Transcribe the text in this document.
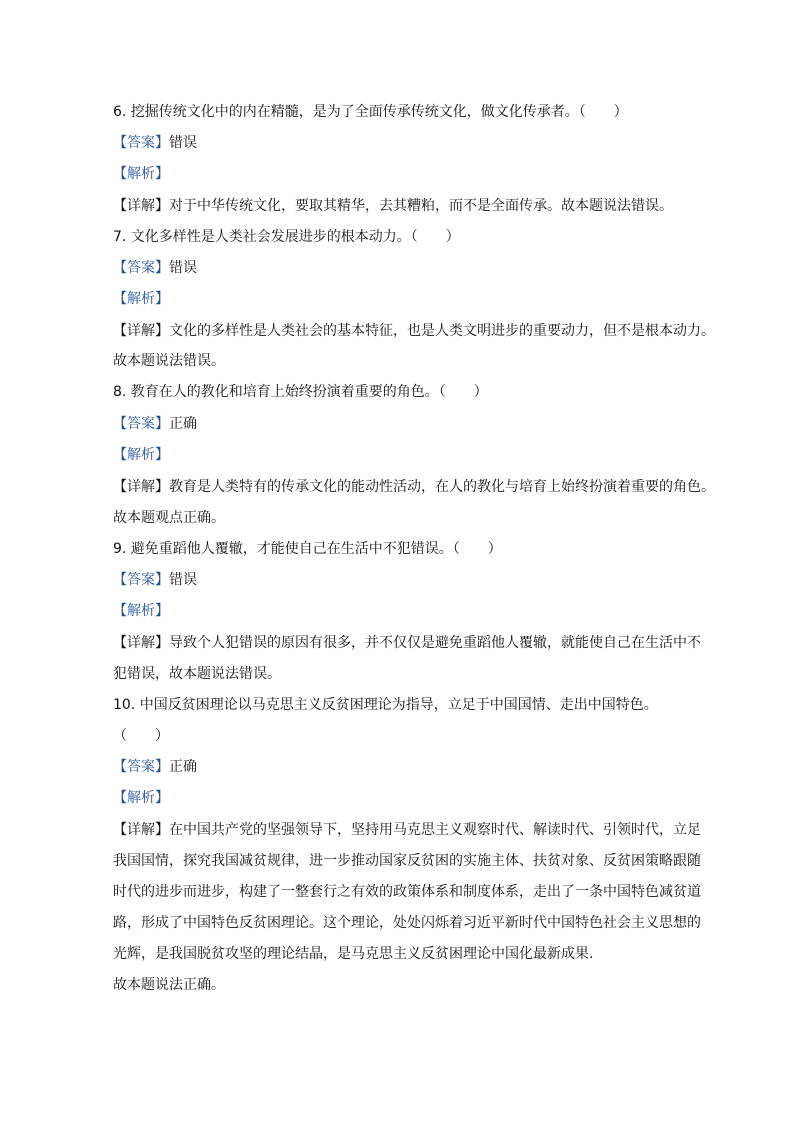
6. 挖掘传统文化中的内在精髓，是为了全面传承传统文化，做文化传承者。（　　）
【答案】错误
【解析】
【详解】对于中华传统文化，要取其精华，去其糟粕，而不是全面传承。故本题说法错误。
7. 文化多样性是人类社会发展进步的根本动力。（　　）
【答案】错误
【解析】
【详解】文化的多样性是人类社会的基本特征，也是人类文明进步的重要动力，但不是根本动力。
故本题说法错误。
8. 教育在人的教化和培育上始终扮演着重要的角色。（　　）
【答案】正确
【解析】
【详解】教育是人类特有的传承文化的能动性活动，在人的教化与培育上始终扮演着重要的角色。
故本题观点正确。
9. 避免重蹈他人覆辙，才能使自己在生活中不犯错误。（　　）
【答案】错误
【解析】
【详解】导致个人犯错误的原因有很多，并不仅仅是避免重蹈他人覆辙，就能使自己在生活中不
犯错误，故本题说法错误。
10. 中国反贫困理论以马克思主义反贫困理论为指导，立足于中国国情、走出中国特色。
（　　）
【答案】正确
【解析】
【详解】在中国共产党的坚强领导下，坚持用马克思主义观察时代、解读时代、引领时代，立足
我国国情，探究我国减贫规律，进一步推动国家反贫困的实施主体、扶贫对象、反贫困策略跟随
时代的进步而进步，构建了一整套行之有效的政策体系和制度体系，走出了一条中国特色减贫道
路，形成了中国特色反贫困理论。这个理论，处处闪烁着习近平新时代中国特色社会主义思想的
光辉，是我国脱贫攻坚的理论结晶，是马克思主义反贫困理论中国化最新成果.
故本题说法正确。
